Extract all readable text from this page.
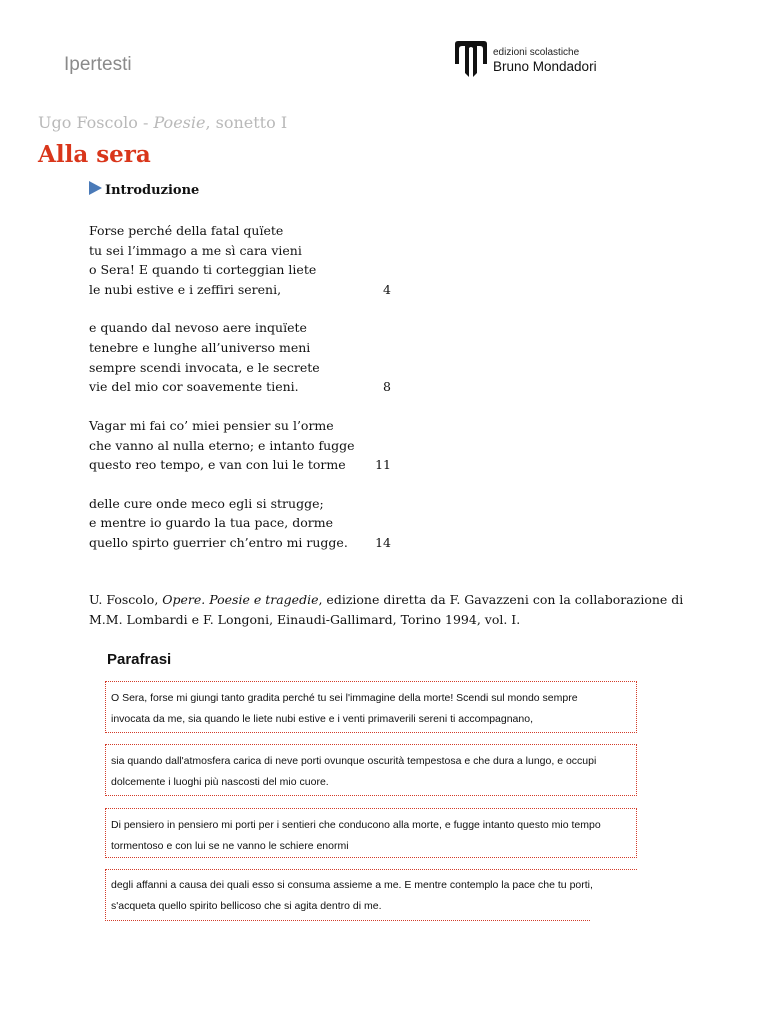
Ipertesti
edizioni scolastiche
Bruno Mondadori
Ugo Foscolo - Poesie, sonetto I
Alla sera
Introduzione
Forse perché della fatal quïete
tu sei l’immago a me sì cara vieni
o Sera! E quando ti corteggian liete
le nubi estive e i zeffiri sereni,	4
e quando dal nevoso aere inquïete
tenebre e lunghe all’universo meni
sempre scendi invocata, e le secrete
vie del mio cor soavemente tieni.	8
Vagar mi fai co’ miei pensier su l’orme
che vanno al nulla eterno; e intanto fugge
questo reo tempo, e van con lui le torme 11
delle cure onde meco egli si strugge;
e mentre io guardo la tua pace, dorme
quello spirto guerrier ch’entro mi rugge. 14
U. Foscolo, Opere. Poesie e tragedie, edizione diretta da F. Gavazzeni con la collaborazione di M.M. Lombardi e F. Longoni, Einaudi-Gallimard, Torino 1994, vol. I.
Parafrasi
O Sera, forse mi giungi tanto gradita perché tu sei l'immagine della morte! Scendi sul mondo sempre
invocata da me, sia quando le liete nubi estive e i venti primaverili sereni ti accompagnano,
sia quando dall'atmosfera carica di neve porti ovunque oscurità tempestosa e che dura a lungo, e occupi
dolcemente i luoghi più nascosti del mio cuore.
Di pensiero in pensiero mi porti per i sentieri che conducono alla morte, e fugge intanto questo mio tempo
tormentoso e con lui se ne vanno le schiere enormi
degli affanni a causa dei quali esso si consuma assieme a me. E mentre contemplo la pace che tu porti,
s'acqueta quello spirito bellicoso che si agita dentro di me.
